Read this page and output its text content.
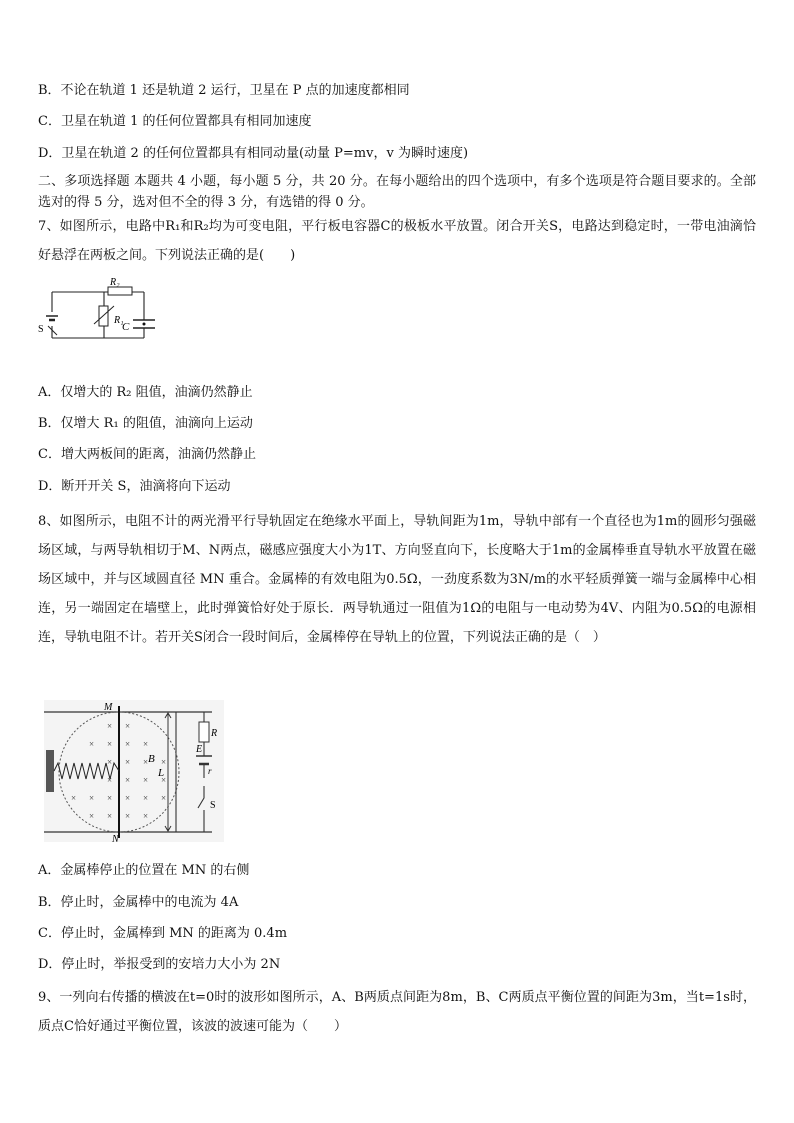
B．不论在轨道 1 还是轨道 2 运行，卫星在 P 点的加速度都相同
C．卫星在轨道 1 的任何位置都具有相同加速度
D．卫星在轨道 2 的任何位置都具有相同动量(动量 P=mv，v 为瞬时速度)
二、多项选择题 本题共 4 小题，每小题 5 分，共 20 分。在每小题给出的四个选项中，有多个选项是符合题目要求的。全部选对的得 5 分，选对但不全的得 3 分，有选错的得 0 分。
7、如图所示，电路中R₁和R₂均为可变电阻，平行板电容器C的极板水平放置。闭合开关S，电路达到稳定时，一带电油滴恰好悬浮在两板之间。下列说法正确的是(　　)
R₂
R₁
C
S
A．仅增大的 R₂ 阻值，油滴仍然静止
B．仅增大 R₁ 的阻值，油滴向上运动
C．增大两板间的距离，油滴仍然静止
D．断开开关 S，油滴将向下运动
8、如图所示，电阻不计的两光滑平行导轨固定在绝缘水平面上，导轨间距为1m，导轨中部有一个直径也为1m的圆形匀强磁场区域，与两导轨相切于M、N两点，磁感应强度大小为1T、方向竖直向下，长度略大于1m的金属棒垂直导轨水平放置在磁场区域中，并与区域圆直径 MN 重合。金属棒的有效电阻为0.5Ω，一劲度系数为3N/m的水平轻质弹簧一端与金属棒中心相连，另一端固定在墙壁上，此时弹簧恰好处于原长．两导轨通过一阻值为1Ω的电阻与一电动势为4V、内阻为0.5Ω的电源相连，导轨电阻不计。若开关S闭合一段时间后，金属棒停在导轨上的位置，下列说法正确的是（　）
× ×
× × × ×
× × × ×
× × × ×
× × × × × ×
× × × ×
M
N
B
L
R
E
r
S
A．金属棒停止的位置在 MN 的右侧
B．停止时，金属棒中的电流为 4A
C．停止时，金属棒到 MN 的距离为 0.4m
D．停止时，举报受到的安培力大小为 2N
9、一列向右传播的横波在t=0时的波形如图所示，A、B两质点间距为8m，B、C两质点平衡位置的间距为3m，当t=1s时，质点C恰好通过平衡位置，该波的波速可能为（　　）
